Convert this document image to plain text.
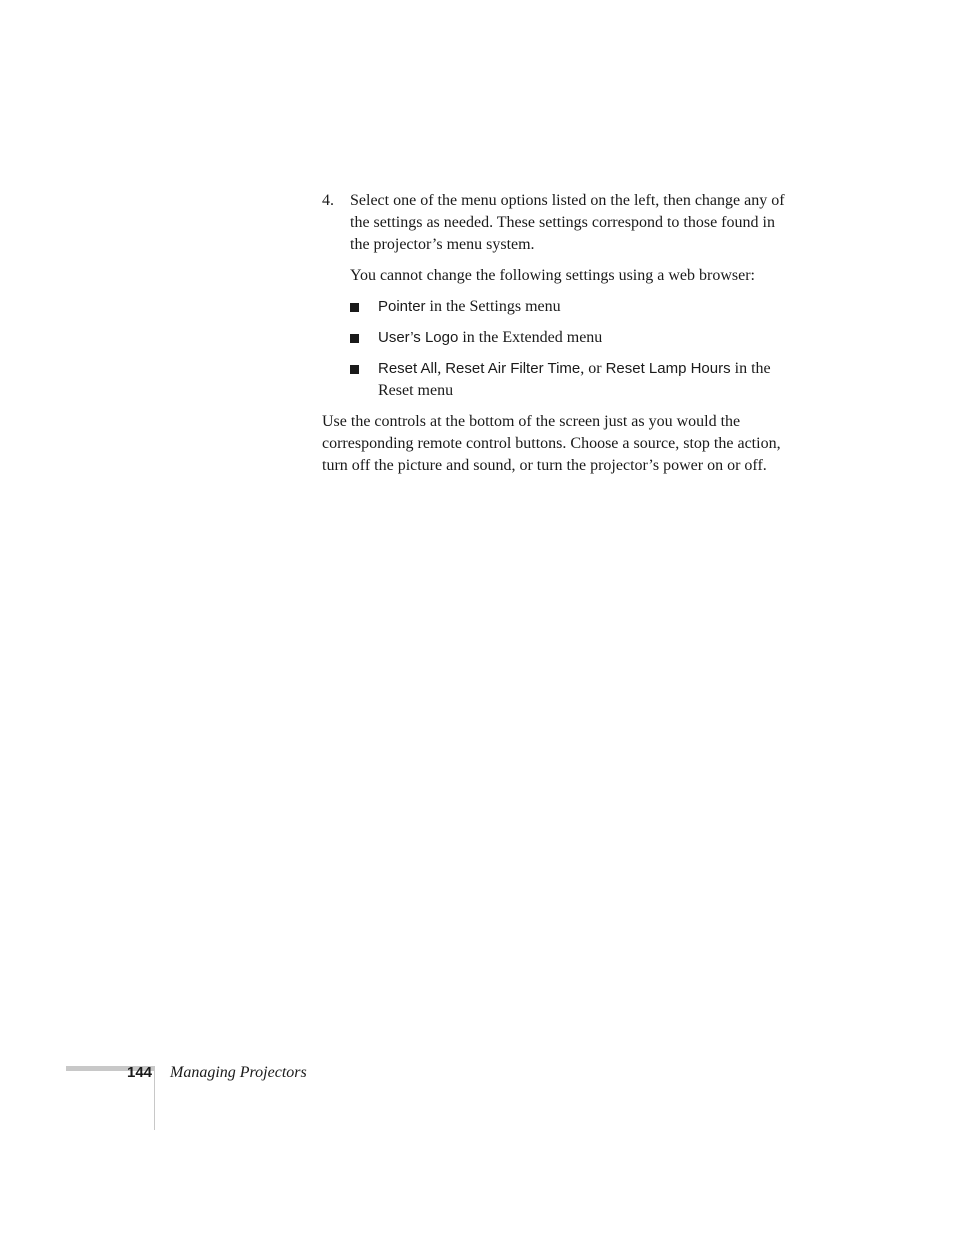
4. Select one of the menu options listed on the left, then change any of the settings as needed. These settings correspond to those found in the projector’s menu system.

You cannot change the following settings using a web browser:

Pointer in the Settings menu
User’s Logo in the Extended menu
Reset All, Reset Air Filter Time, or Reset Lamp Hours in the Reset menu

Use the controls at the bottom of the screen just as you would the corresponding remote control buttons. Choose a source, stop the action, turn off the picture and sound, or turn the projector’s power on or off.

144 Managing Projectors
